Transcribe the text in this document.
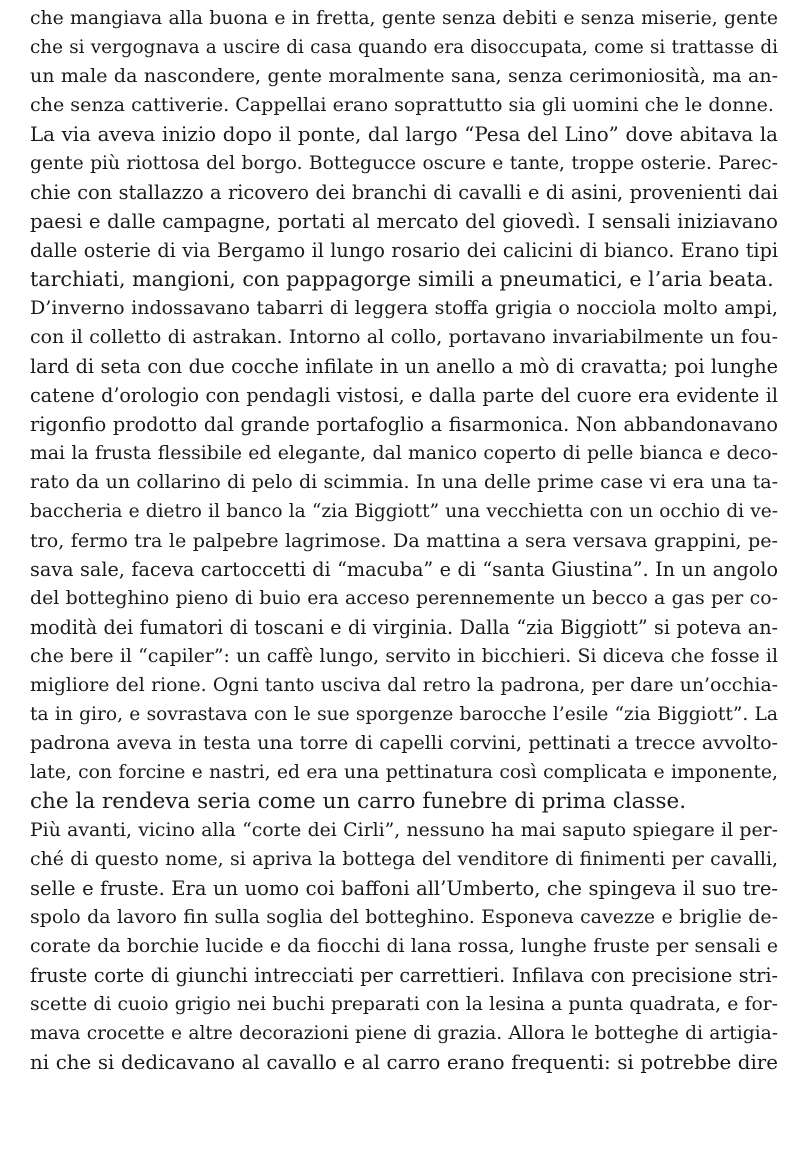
che mangiava alla buona e in fretta, gente senza debiti e senza miserie, gente
che si vergognava a uscire di casa quando era disoccupata, come si trattasse di
un male da nascondere, gente moralmente sana, senza cerimoniosità, ma an-
che senza cattiverie. Cappellai erano soprattutto sia gli uomini che le donne.
La via aveva inizio dopo il ponte, dal largo “Pesa del Lino” dove abitava la
gente più riottosa del borgo. Botteguccе oscure e tante, troppe osterie. Parec-
chie con stallazzo a ricovero dei branchi di cavalli e di asini, provenienti dai
paesi e dalle campagne, portati al mercato del giovedì. I sensali iniziavano
dalle osterie di via Bergamo il lungo rosario dei calicini di bianco. Erano tipi
tarchiati, mangioni, con pappagorge simili a pneumatici, e l’aria beata.
D’inverno indossavano tabarri di leggera stoffa grigia o nocciola molto ampi,
con il colletto di astrakan. Intorno al collo, portavano invariabilmente un fou-
lard di seta con due cocche infilate in un anello a mò di cravatta; poi lunghe
catene d’orologio con pendagli vistosi, e dalla parte del cuore era evidente il
rigonfio prodotto dal grande portafoglio a fisarmonica. Non abbandonavano
mai la frusta flessibile ed elegante, dal manico coperto di pelle bianca e deco-
rato da un collarino di pelo di scimmia. In una delle prime case vi era una ta-
baccheria e dietro il banco la “zia Biggiott” una vecchietta con un occhio di ve-
tro, fermo tra le palpebre lagrimose. Da mattina a sera versava grappini, pe-
sava sale, faceva cartoccetti di “macuba” e di “santa Giustina”. In un angolo
del botteghino pieno di buio era acceso perennemente un becco a gas per co-
modità dei fumatori di toscani e di virginia. Dalla “zia Biggiott” si poteva an-
che bere il “capiler”: un caffè lungo, servito in bicchieri. Si diceva che fosse il
migliore del rione. Ogni tanto usciva dal retro la padrona, per dare un’occhia-
ta in giro, e sovrastava con le sue sporgenze barocche l’esile “zia Biggiott”. La
padrona aveva in testa una torre di capelli corvini, pettinati a trecce avvolto-
late, con forcine e nastri, ed era una pettinatura così complicata e imponente,
che la rendeva seria come un carro funebre di prima classe.
Più avanti, vicino alla “corte dei Cirli”, nessuno ha mai saputo spiegare il per-
ché di questo nome, si apriva la bottega del venditore di finimenti per cavalli,
selle e fruste. Era un uomo coi baffoni all’Umberto, che spingeva il suo tre-
spolo da lavoro fin sulla soglia del botteghino. Esponeva cavezze e briglie de-
corate da borchie lucide e da fiocchi di lana rossa, lunghe fruste per sensali e
fruste corte di giunchi intrecciati per carrettieri. Infilava con precisione stri-
scette di cuoio grigio nei buchi preparati con la lesina a punta quadrata, e for-
mava crocette e altre decorazioni piene di grazia. Allora le botteghe di artigia-
ni che si dedicavano al cavallo e al carro erano frequenti: si potrebbe dire
